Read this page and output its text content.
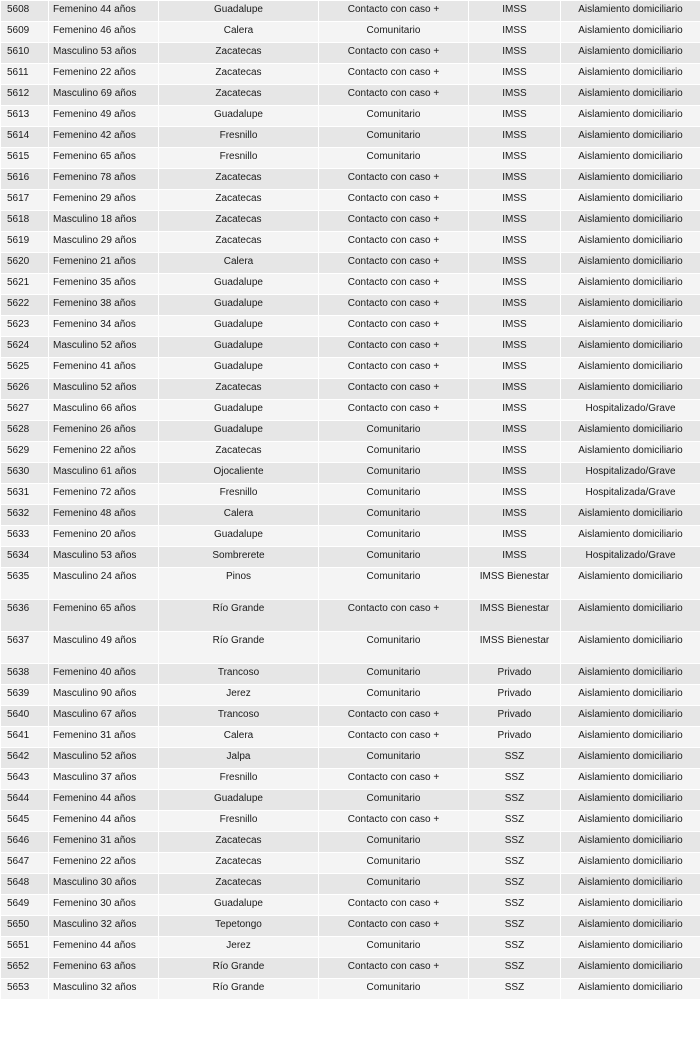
5608	Femenino 44 años	Guadalupe	Contacto con caso +	IMSS	Aislamiento domiciliario
5609	Femenino 46 años	Calera	Comunitario	IMSS	Aislamiento domiciliario
5610	Masculino 53 años	Zacatecas	Contacto con caso +	IMSS	Aislamiento domiciliario
5611	Femenino 22 años	Zacatecas	Contacto con caso +	IMSS	Aislamiento domiciliario
5612	Masculino 69 años	Zacatecas	Contacto con caso +	IMSS	Aislamiento domiciliario
5613	Femenino 49 años	Guadalupe	Comunitario	IMSS	Aislamiento domiciliario
5614	Femenino 42 años	Fresnillo	Comunitario	IMSS	Aislamiento domiciliario
5615	Femenino 65 años	Fresnillo	Comunitario	IMSS	Aislamiento domiciliario
5616	Femenino 78 años	Zacatecas	Contacto con caso +	IMSS	Aislamiento domiciliario
5617	Femenino 29 años	Zacatecas	Contacto con caso +	IMSS	Aislamiento domiciliario
5618	Masculino 18 años	Zacatecas	Contacto con caso +	IMSS	Aislamiento domiciliario
5619	Masculino 29 años	Zacatecas	Contacto con caso +	IMSS	Aislamiento domiciliario
5620	Femenino 21 años	Calera	Contacto con caso +	IMSS	Aislamiento domiciliario
5621	Femenino 35 años	Guadalupe	Contacto con caso +	IMSS	Aislamiento domiciliario
5622	Femenino 38 años	Guadalupe	Contacto con caso +	IMSS	Aislamiento domiciliario
5623	Femenino 34 años	Guadalupe	Contacto con caso +	IMSS	Aislamiento domiciliario
5624	Masculino 52 años	Guadalupe	Contacto con caso +	IMSS	Aislamiento domiciliario
5625	Femenino 41 años	Guadalupe	Contacto con caso +	IMSS	Aislamiento domiciliario
5626	Masculino 52 años	Zacatecas	Contacto con caso +	IMSS	Aislamiento domiciliario
5627	Masculino 66 años	Guadalupe	Contacto con caso +	IMSS	Hospitalizado/Grave
5628	Femenino 26 años	Guadalupe	Comunitario	IMSS	Aislamiento domiciliario
5629	Femenino 22 años	Zacatecas	Comunitario	IMSS	Aislamiento domiciliario
5630	Masculino 61 años	Ojocaliente	Comunitario	IMSS	Hospitalizado/Grave
5631	Femenino 72 años	Fresnillo	Comunitario	IMSS	Hospitalizada/Grave
5632	Femenino 48 años	Calera	Comunitario	IMSS	Aislamiento domiciliario
5633	Femenino 20 años	Guadalupe	Comunitario	IMSS	Aislamiento domiciliario
5634	Masculino 53 años	Sombrerete	Comunitario	IMSS	Hospitalizado/Grave
5635	Masculino 24 años	Pinos	Comunitario	IMSS Bienestar	Aislamiento domiciliario
5636	Femenino 65 años	Río Grande	Contacto con caso +	IMSS Bienestar	Aislamiento domiciliario
5637	Masculino 49 años	Río Grande	Comunitario	IMSS Bienestar	Aislamiento domiciliario
5638	Femenino 40 años	Trancoso	Comunitario	Privado	Aislamiento domiciliario
5639	Masculino 90 años	Jerez	Comunitario	Privado	Aislamiento domiciliario
5640	Masculino 67 años	Trancoso	Contacto con caso +	Privado	Aislamiento domiciliario
5641	Femenino 31 años	Calera	Contacto con caso +	Privado	Aislamiento domiciliario
5642	Masculino 52 años	Jalpa	Comunitario	SSZ	Aislamiento domiciliario
5643	Masculino 37 años	Fresnillo	Contacto con caso +	SSZ	Aislamiento domiciliario
5644	Femenino 44 años	Guadalupe	Comunitario	SSZ	Aislamiento domiciliario
5645	Femenino 44 años	Fresnillo	Contacto con caso +	SSZ	Aislamiento domiciliario
5646	Femenino 31 años	Zacatecas	Comunitario	SSZ	Aislamiento domiciliario
5647	Femenino 22 años	Zacatecas	Comunitario	SSZ	Aislamiento domiciliario
5648	Masculino 30 años	Zacatecas	Comunitario	SSZ	Aislamiento domiciliario
5649	Femenino 30 años	Guadalupe	Contacto con caso +	SSZ	Aislamiento domiciliario
5650	Masculino 32 años	Tepetongo	Contacto con caso +	SSZ	Aislamiento domiciliario
5651	Femenino 44 años	Jerez	Comunitario	SSZ	Aislamiento domiciliario
5652	Femenino 63 años	Río Grande	Contacto con caso +	SSZ	Aislamiento domiciliario
5653	Masculino 32 años	Río Grande	Comunitario	SSZ	Aislamiento domiciliario
